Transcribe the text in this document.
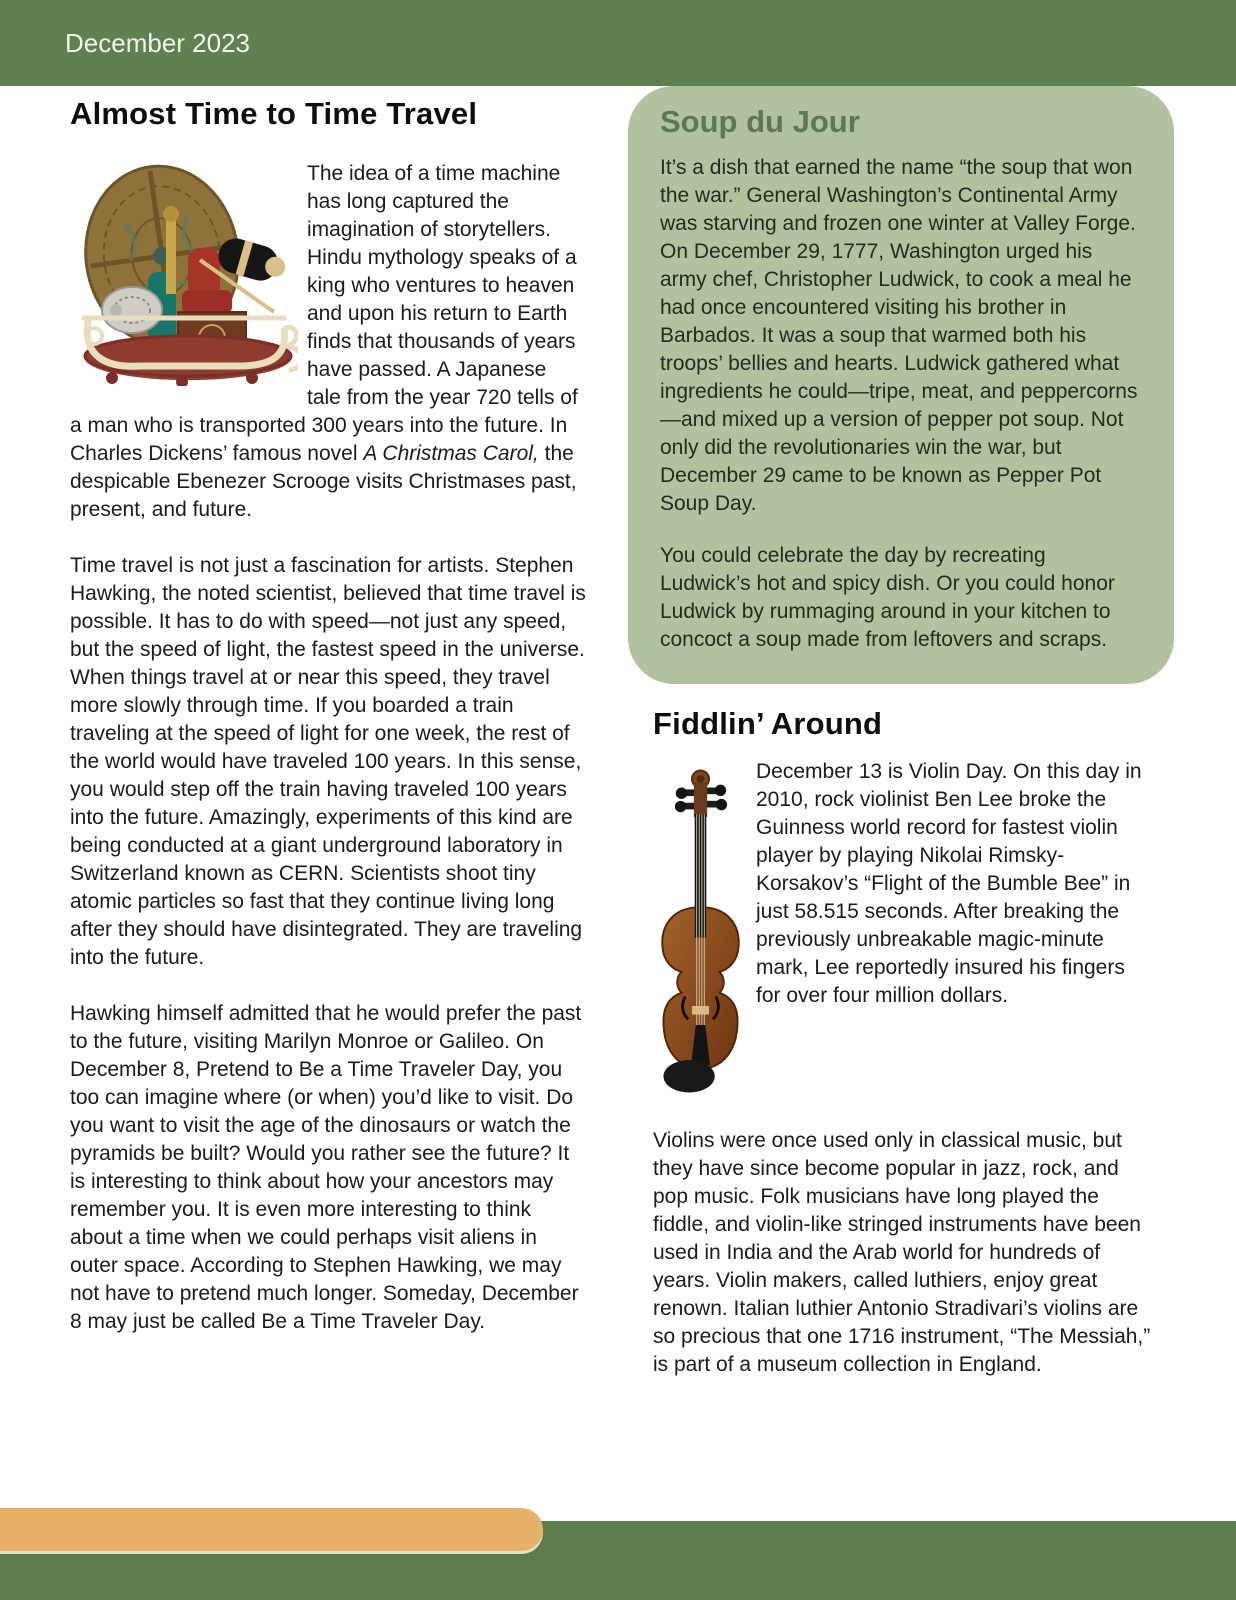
December 2023
Almost Time to Time Travel

The idea of a time machine has long captured the imagination of storytellers. Hindu mythology speaks of a king who ventures to heaven and upon his return to Earth finds that thousands of years have passed. A Japanese tale from the year 720 tells of a man who is transported 300 years into the future. In Charles Dickens’ famous novel A Christmas Carol, the despicable Ebenezer Scrooge visits Christmases past, present, and future.

Time travel is not just a fascination for artists. Stephen Hawking, the noted scientist, believed that time travel is possible. It has to do with speed—not just any speed, but the speed of light, the fastest speed in the universe. When things travel at or near this speed, they travel more slowly through time. If you boarded a train traveling at the speed of light for one week, the rest of the world would have traveled 100 years. In this sense, you would step off the train having traveled 100 years into the future. Amazingly, experiments of this kind are being conducted at a giant underground laboratory in Switzerland known as CERN. Scientists shoot tiny atomic particles so fast that they continue living long after they should have disintegrated. They are traveling into the future.

Hawking himself admitted that he would prefer the past to the future, visiting Marilyn Monroe or Galileo. On December 8, Pretend to Be a Time Traveler Day, you too can imagine where (or when) you’d like to visit. Do you want to visit the age of the dinosaurs or watch the pyramids be built? Would you rather see the future? It is interesting to think about how your ancestors may remember you. It is even more interesting to think about a time when we could perhaps visit aliens in outer space. According to Stephen Hawking, we may not have to pretend much longer. Someday, December 8 may just be called Be a Time Traveler Day.

Soup du Jour

It’s a dish that earned the name “the soup that won the war.” General Washington’s Continental Army was starving and frozen one winter at Valley Forge. On December 29, 1777, Washington urged his army chef, Christopher Ludwick, to cook a meal he had once encountered visiting his brother in Barbados. It was a soup that warmed both his troops’ bellies and hearts. Ludwick gathered what ingredients he could—tripe, meat, and peppercorns—and mixed up a version of pepper pot soup. Not only did the revolutionaries win the war, but December 29 came to be known as Pepper Pot Soup Day.

You could celebrate the day by recreating Ludwick’s hot and spicy dish. Or you could honor Ludwick by rummaging around in your kitchen to concoct a soup made from leftovers and scraps.

Fiddlin’ Around

December 13 is Violin Day. On this day in 2010, rock violinist Ben Lee broke the Guinness world record for fastest violin player by playing Nikolai Rimsky-Korsakov’s “Flight of the Bumble Bee” in just 58.515 seconds. After breaking the previously unbreakable magic-minute mark, Lee reportedly insured his fingers for over four million dollars.

Violins were once used only in classical music, but they have since become popular in jazz, rock, and pop music. Folk musicians have long played the fiddle, and violin-like stringed instruments have been used in India and the Arab world for hundreds of years. Violin makers, called luthiers, enjoy great renown. Italian luthier Antonio Stradivari’s violins are so precious that one 1716 instrument, “The Messiah,” is part of a museum collection in England.
